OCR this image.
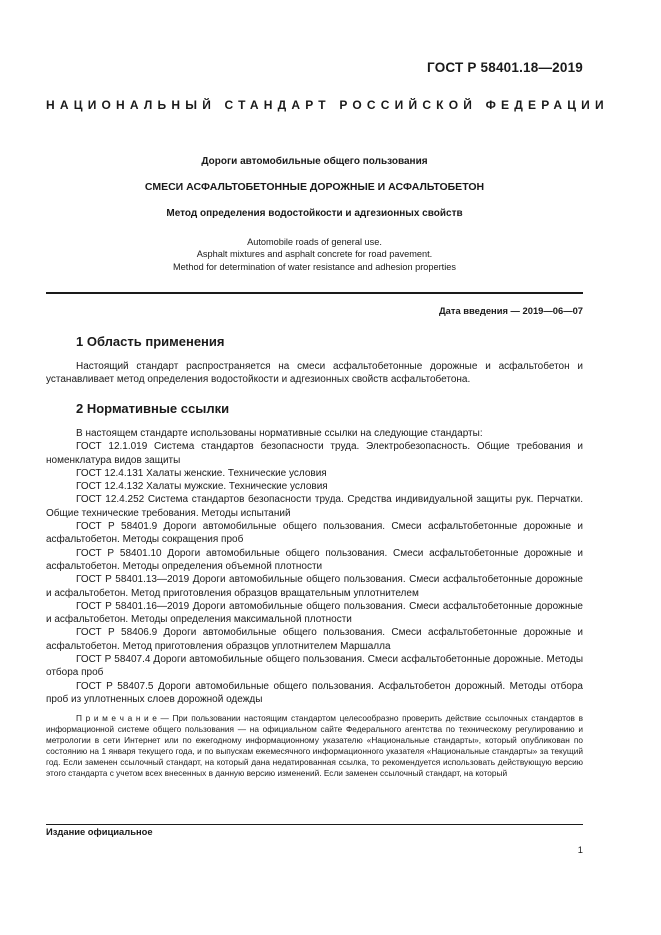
ГОСТ Р 58401.18—2019
НАЦИОНАЛЬНЫЙ СТАНДАРТ РОССИЙСКОЙ ФЕДЕРАЦИИ
Дороги автомобильные общего пользования
СМЕСИ АСФАЛЬТОБЕТОННЫЕ ДОРОЖНЫЕ И АСФАЛЬТОБЕТОН
Метод определения водостойкости и адгезионных свойств
Automobile roads of general use.
Asphalt mixtures and asphalt concrete for road pavement.
Method for determination of water resistance and adhesion properties
Дата введения — 2019—06—07
1 Область применения

Настоящий стандарт распространяется на смеси асфальтобетонные дорожные и асфальтобетон и устанавливает метод определения водостойкости и адгезионных свойств асфальтобетона.

2 Нормативные ссылки

В настоящем стандарте использованы нормативные ссылки на следующие стандарты:

ГОСТ 12.1.019 Система стандартов безопасности труда. Электробезопасность. Общие требования и номенклатура видов защиты

ГОСТ 12.4.131 Халаты женские. Технические условия

ГОСТ 12.4.132 Халаты мужские. Технические условия

ГОСТ 12.4.252 Система стандартов безопасности труда. Средства индивидуальной защиты рук. Перчатки. Общие технические требования. Методы испытаний

ГОСТ Р 58401.9 Дороги автомобильные общего пользования. Смеси асфальтобетонные дорожные и асфальтобетон. Методы сокращения проб

ГОСТ Р 58401.10 Дороги автомобильные общего пользования. Смеси асфальтобетонные дорожные и асфальтобетон. Методы определения объемной плотности

ГОСТ Р 58401.13—2019 Дороги автомобильные общего пользования. Смеси асфальтобетонные дорожные и асфальтобетон. Метод приготовления образцов вращательным уплотнителем

ГОСТ Р 58401.16—2019 Дороги автомобильные общего пользования. Смеси асфальтобетонные дорожные и асфальтобетон. Методы определения максимальной плотности

ГОСТ Р 58406.9 Дороги автомобильные общего пользования. Смеси асфальтобетонные дорожные и асфальтобетон. Метод приготовления образцов уплотнителем Маршалла

ГОСТ Р 58407.4 Дороги автомобильные общего пользования. Смеси асфальтобетонные дорожные. Методы отбора проб

ГОСТ Р 58407.5 Дороги автомобильные общего пользования. Асфальтобетон дорожный. Методы отбора проб из уплотненных слоев дорожной одежды

П р и м е ч а н и е — При пользовании настоящим стандартом целесообразно проверить действие ссылочных стандартов в информационной системе общего пользования — на официальном сайте Федерального агентства по техническому регулированию и метрологии в сети Интернет или по ежегодному информационному указателю «Национальные стандарты», который опубликован по состоянию на 1 января текущего года, и по выпускам ежемесячного информационного указателя «Национальные стандарты» за текущий год. Если заменен ссылочный стандарт, на который дана недатированная ссылка, то рекомендуется использовать действующую версию этого стандарта с учетом всех внесенных в данную версию изменений. Если заменен ссылочный стандарт, на который
Издание официальное
1
